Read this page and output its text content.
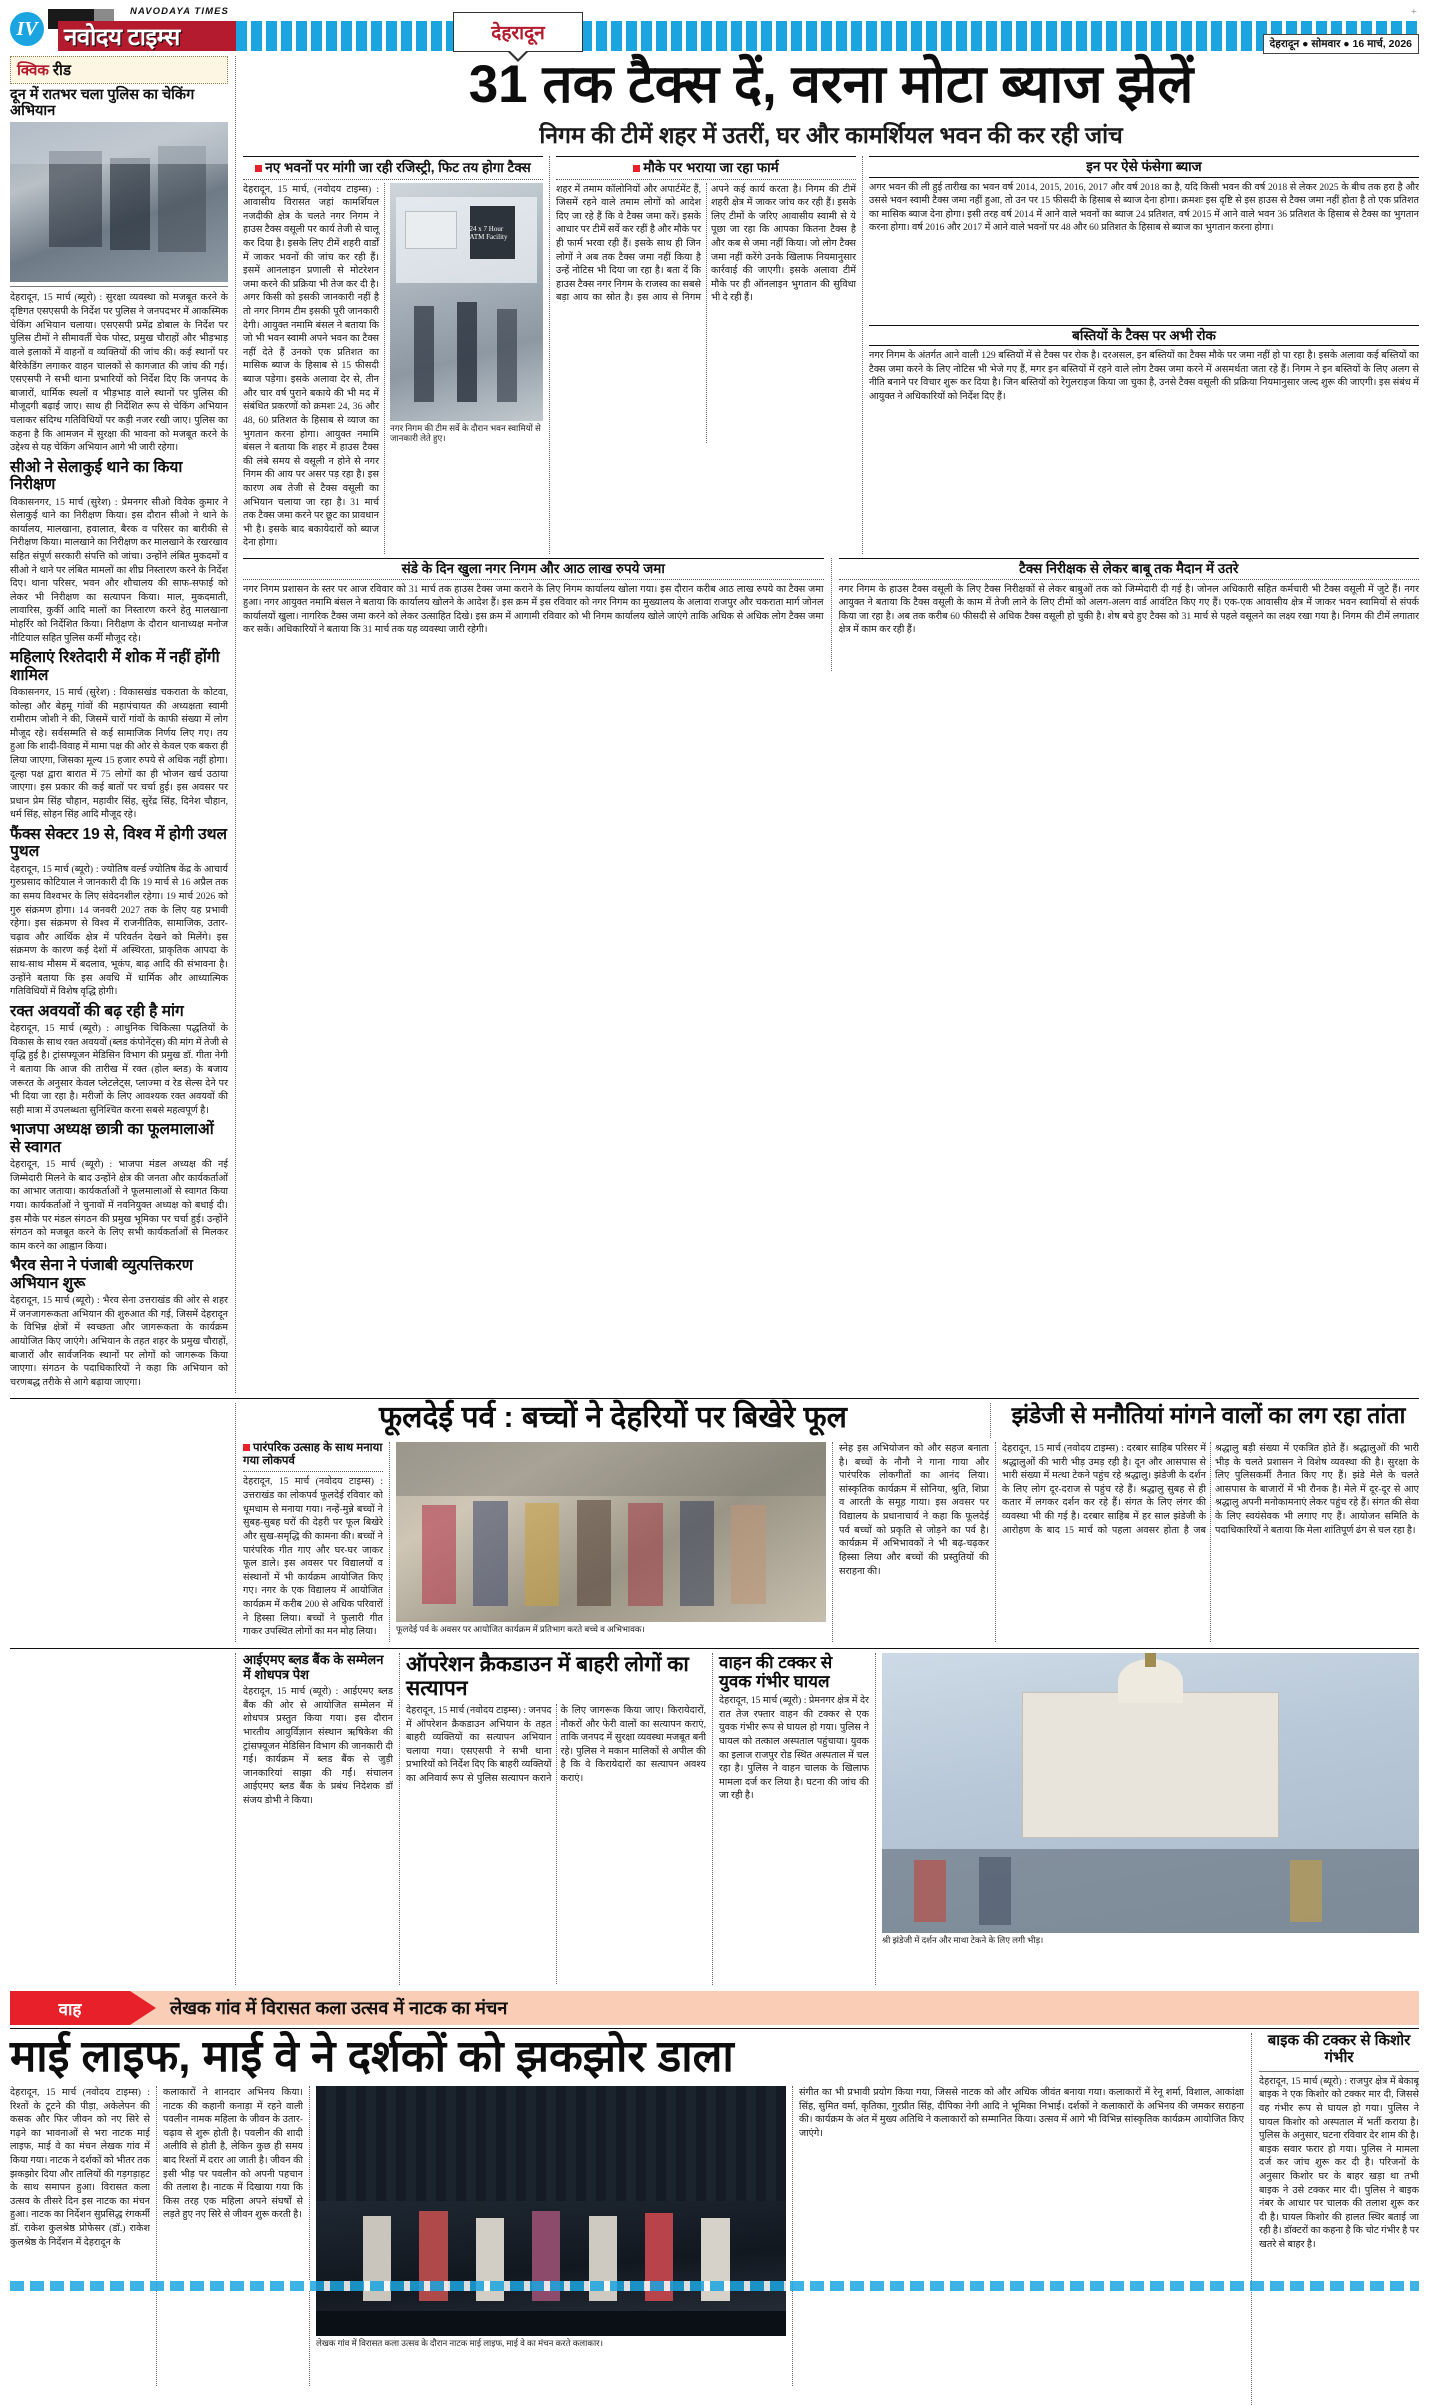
IV नवोदय टाइम्स
NAVODAYA TIMES
देहरादून	देहरादून ● सोमवार ● 16 मार्च, 2026
+
क्विक रीड
दून में रातभर चला पुलिस का चेकिंग अभियान

देहरादून, 15 मार्च (ब्यूरो) : सुरक्षा व्यवस्था को मजबूत करने के दृष्टिगत एसएसपी के निर्देश पर पुलिस ने जनपदभर में आकस्मिक चेकिंग अभियान चलाया। एसएसपी प्रमेंद्र डोबाल के निर्देश पर पुलिस टीमों ने सीमावर्ती चेक पोस्ट, प्रमुख चौराहों और भीड़भाड़ वाले इलाकों में वाहनों व व्यक्तियों की जांच की। कई स्थानों पर बैरिकेडिंग लगाकर वाहन चालकों से कागजात की जांच की गई। एसएसपी ने सभी थाना प्रभारियों को निर्देश दिए कि जनपद के बाजारों, धार्मिक स्थलों व भीड़भाड़ वाले स्थानों पर पुलिस की मौजूदगी बढ़ाई जाए। साथ ही निर्देशित रूप से चेकिंग अभियान चलाकर संदिग्ध गतिविधियों पर कड़ी नजर रखी जाए। पुलिस का कहना है कि आमजन में सुरक्षा की भावना को मजबूत करने के उद्देश्य से यह चेकिंग अभियान आगे भी जारी रहेगा।

सीओ ने सेलाकुई थाने का किया निरीक्षण

विकासनगर, 15 मार्च (सुरेश) : प्रेमनगर सीओ विवेक कुमार ने सेलाकुई थाने का निरीक्षण किया। इस दौरान सीओ ने थाने के कार्यालय, मालखाना, हवालात, बैरक व परिसर का बारीकी से निरीक्षण किया। मालखाने का निरीक्षण कर मालखाने के रखरखाव सहित संपूर्ण सरकारी संपत्ति को जांचा। उन्होंने लंबित मुकदमों व सीओ ने थाने पर लंबित मामलों का शीघ्र निस्तारण करने के निर्देश दिए। थाना परिसर, भवन और शौचालय की साफ-सफाई को लेकर भी निरीक्षण का सत्यापन किया। माल, मुकदमाती, लावारिस, कुर्की आदि मालों का निस्तारण करने हेतु मालखाना मोहर्रिर को निर्देशित किया। निरीक्षण के दौरान थानाध्यक्ष मनोज नौटियाल सहित पुलिस कर्मी मौजूद रहे।

महिलाएं रिश्तेदारी में शोक में नहीं होंगी शामिल

विकासनगर, 15 मार्च (सुरेश) : विकासखंड चकराता के कोटवा, कोल्हा और बेहमू गांवों की महापंचायत की अध्यक्षता स्वामी रामीराम जोशी ने की, जिसमें चारों गांवों के काफी संख्या में लोग मौजूद रहे। सर्वसम्मति से कई सामाजिक निर्णय लिए गए। तय हुआ कि शादी-विवाह में मामा पक्ष की ओर से केवल एक बकरा ही लिया जाएगा, जिसका मूल्य 15 हजार रुपये से अधिक नहीं होगा। दूल्हा पक्ष द्वारा बारात में 75 लोगों का ही भोजन खर्च उठाया जाएगा। इस प्रकार की कई बातों पर चर्चा हुई। इस अवसर पर प्रधान प्रेम सिंह चौहान, महावीर सिंह, सुरेंद्र सिंह, दिनेश चौहान, धर्म सिंह, सोहन सिंह आदि मौजूद रहे।

फैंक्स सेक्टर 19 से, विश्व में होगी उथल पुथल

देहरादून, 15 मार्च (ब्यूरो) : ज्योतिष वर्ल्ड ज्योतिष केंद्र के आचार्य गुरुप्रसाद कोटियाल ने जानकारी दी कि 19 मार्च से 16 अप्रैल तक का समय विश्वभर के लिए संवेदनशील रहेगा। 19 मार्च 2026 को गुरु संक्रमण होगा। 14 जनवरी 2027 तक के लिए यह प्रभावी रहेगा। इस संक्रमण से विश्व में राजनीतिक, सामाजिक, उतार-चढ़ाव और आर्थिक क्षेत्र में परिवर्तन देखने को मिलेंगे। इस संक्रमण के कारण कई देशों में अस्थिरता, प्राकृतिक आपदा के साथ-साथ मौसम में बदलाव, भूकंप, बाढ़ आदि की संभावना है। उन्होंने बताया कि इस अवधि में धार्मिक और आध्यात्मिक गतिविधियों में विशेष वृद्धि होगी।

रक्त अवयवों की बढ़ रही है मांग

देहरादून, 15 मार्च (ब्यूरो) : आधुनिक चिकित्सा पद्धतियों के विकास के साथ रक्त अवयवों (ब्लड कंपोनेंट्स) की मांग में तेजी से वृद्धि हुई है। ट्रांसफ्यूजन मेडिसिन विभाग की प्रमुख डॉ. गीता नेगी ने बताया कि आज की तारीख में रक्त (होल ब्लड) के बजाय जरूरत के अनुसार केवल प्लेटलेट्स, प्लाज्मा व रेड सेल्स देने पर भी दिया जा रहा है। मरीजों के लिए आवश्यक रक्त अवयवों की सही मात्रा में उपलब्धता सुनिश्चित करना सबसे महत्वपूर्ण है।

भाजपा अध्यक्ष छात्री का फूलमालाओं से स्वागत

देहरादून, 15 मार्च (ब्यूरो) : भाजपा मंडल अध्यक्ष की नई जिम्मेदारी मिलने के बाद उन्होंने क्षेत्र की जनता और कार्यकर्ताओं का आभार जताया। कार्यकर्ताओं ने फूलमालाओं से स्वागत किया गया। कार्यकर्ताओं ने चुनावों में नवनियुक्त अध्यक्ष को बधाई दी। इस मौके पर मंडल संगठन की प्रमुख भूमिका पर चर्चा हुई। उन्होंने संगठन को मजबूत करने के लिए सभी कार्यकर्ताओं से मिलकर काम करने का आह्वान किया।

भैरव सेना ने पंजाबी व्युत्पत्तिकरण अभियान शुरू

देहरादून, 15 मार्च (ब्यूरो) : भैरव सेना उत्तराखंड की ओर से शहर में जनजागरूकता अभियान की शुरुआत की गई, जिसमें देहरादून के विभिन्न क्षेत्रों में स्वच्छता और जागरूकता के कार्यक्रम आयोजित किए जाएंगे। अभियान के तहत शहर के प्रमुख चौराहों, बाजारों और सार्वजनिक स्थानों पर लोगों को जागरूक किया जाएगा। संगठन के पदाधिकारियों ने कहा कि अभियान को चरणबद्ध तरीके से आगे बढ़ाया जाएगा।

31 तक टैक्स दें, वरना मोटा ब्याज झेलें
निगम की टीमें शहर में उतरीं, घर और कामर्शियल भवन की कर रही जांच
नए भवनों पर मांगी जा रही रजिस्ट्री, फिट तय होगा टैक्स

देहरादून, 15 मार्च, (नवोदय टाइम्स) : आवासीय विरासत जहां कामर्शियल नजदीकी क्षेत्र के चलते नगर निगम ने हाउस टैक्स वसूली पर कार्य तेजी से चालू कर दिया है। इसके लिए टीमें शहरी वार्डों में जाकर भवनों की जांच कर रही हैं। इसमें आनलाइन प्रणाली से मोटरेशन जमा करने की प्रक्रिया भी तेज कर दी है। अगर किसी को इसकी जानकारी नहीं है तो नगर निगम टीम इसकी पूरी जानकारी देगी। आयुक्त नमामि बंसल ने बताया कि जो भी भवन स्वामी अपने भवन का टैक्स नहीं देते हैं उनको एक प्रतिशत का मासिक ब्याज के हिसाब से 15 फीसदी ब्याज पड़ेगा। इसके अलावा देर से, तीन और चार वर्ष पुराने बकाये की भी मद में संबंधित प्रकरणों को क्रमशः 24, 36 और 48, 60 प्रतिशत के हिसाब से व्याज का भुगतान करना होगा। आयुक्त नमामि बंसल ने बताया कि शहर में हाउस टैक्स की लंबे समय से वसूली न होने से नगर निगम की आय पर असर पड़ रहा है। इस कारण अब तेजी से टैक्स वसूली का अभियान चलाया जा रहा है। 31 मार्च तक टैक्स जमा करने पर छूट का प्रावधान भी है। इसके बाद बकायेदारों को ब्याज देना होगा।

24 x 7 Hour ATM Facility
नगर निगम की टीम सर्वे के दौरान भवन स्वामियों से जानकारी लेते हुए।
मौके पर भराया जा रहा फार्म
शहर में तमाम कॉलोनियों और अपार्टमेंट हैं, जिसमें रहने वाले तमाम लोगों को आदेश दिए जा रहे हैं कि वे टैक्स जमा करें। इसके आधार पर टीमें सर्वे कर रहीं है और मौके पर ही फार्म भरवा रही हैं। इसके साथ ही जिन लोगों ने अब तक टैक्स जमा नहीं किया है उन्हें नोटिस भी दिया जा रहा है। बता दें कि हाउस टैक्स नगर निगम के राजस्व का सबसे बड़ा आय का स्रोत है। इस आय से निगम अपने कई कार्य करता है। निगम की टीमें शहरी क्षेत्र में जाकर जांच कर रही हैं। इसके लिए टीमों के जरिए आवासीय स्वामी से ये पूछा जा रहा कि आपका कितना टैक्स है और कब से जमा नहीं किया। जो लोग टैक्स जमा नहीं करेंगे उनके खिलाफ नियमानुसार कार्रवाई की जाएगी। इसके अलावा टीमें मौके पर ही ऑनलाइन भुगतान की सुविधा भी दे रही हैं।
इन पर ऐसे फंसेगा ब्याज
अगर भवन की ली हुई तारीख का भवन वर्ष 2014, 2015, 2016, 2017 और वर्ष 2018 का है, यदि किसी भवन की वर्ष 2018 से लेकर 2025 के बीच तक हरा है और उससे भवन स्वामी टैक्स जमा नहीं हुआ, तो उन पर 15 फीसदी के हिसाब से ब्याज देना होगा। क्रमशः इस दृष्टि से इस हाउस से टैक्स जमा नहीं होता है तो एक प्रतिशत का मासिक ब्याज देना होगा। इसी तरह वर्ष 2014 में आने वाले भवनों का ब्याज 24 प्रतिशत, वर्ष 2015 में आने वाले भवन 36 प्रतिशत के हिसाब से टैक्स का भुगतान करना होगा। वर्ष 2016 और 2017 में आने वाले भवनों पर 48 और 60 प्रतिशत के हिसाब से ब्याज का भुगतान करना होगा।
बस्तियों के टैक्स पर अभी रोक
नगर निगम के अंतर्गत आने वाली 129 बस्तियों में से टैक्स पर रोक है। दरअसल, इन बस्तियों का टैक्स मौके पर जमा नहीं हो पा रहा है। इसके अलावा कई बस्तियों का टैक्स जमा करने के लिए नोटिस भी भेजे गए हैं, मगर इन बस्तियों में रहने वाले लोग टैक्स जमा करने में असमर्थता जता रहे हैं। निगम ने इन बस्तियों के लिए अलग से नीति बनाने पर विचार शुरू कर दिया है। जिन बस्तियों को रेगुलराइज किया जा चुका है, उनसे टैक्स वसूली की प्रक्रिया नियमानुसार जल्द शुरू की जाएगी। इस संबंध में आयुक्त ने अधिकारियों को निर्देश दिए हैं।
संडे के दिन खुला नगर निगम और आठ लाख रुपये जमा
नगर निगम प्रशासन के स्तर पर आज रविवार को 31 मार्च तक हाउस टैक्स जमा कराने के लिए निगम कार्यालय खोला गया। इस दौरान करीब आठ लाख रुपये का टैक्स जमा हुआ। नगर आयुक्त नमामि बंसल ने बताया कि कार्यालय खोलने के आदेश हैं। इस क्रम में इस रविवार को नगर निगम का मुख्यालय के अलावा राजपुर और चकराता मार्ग जोनल कार्यालयों खुला। नागरिक टैक्स जमा करने को लेकर उत्साहित दिखे। इस क्रम में आगामी रविवार को भी निगम कार्यालय खोले जाएंगे ताकि अधिक से अधिक लोग टैक्स जमा कर सकें। अधिकारियों ने बताया कि 31 मार्च तक यह व्यवस्था जारी रहेगी।
टैक्स निरीक्षक से लेकर बाबू तक मैदान में उतरे
नगर निगम के हाउस टैक्स वसूली के लिए टैक्स निरीक्षकों से लेकर बाबुओं तक को जिम्मेदारी दी गई है। जोनल अधिकारी सहित कर्मचारी भी टैक्स वसूली में जुटे हैं। नगर आयुक्त ने बताया कि टैक्स वसूली के काम में तेजी लाने के लिए टीमों को अलग-अलग वार्ड आवंटित किए गए हैं। एक-एक आवासीय क्षेत्र में जाकर भवन स्वामियों से संपर्क किया जा रहा है। अब तक करीब 60 फीसदी से अधिक टैक्स वसूली हो चुकी है। शेष बचे हुए टैक्स को 31 मार्च से पहले वसूलने का लक्ष्य रखा गया है। निगम की टीमें लगातार क्षेत्र में काम कर रही हैं।
फूलदेई पर्व : बच्चों ने देहरियों पर बिखेरे फूल	झंडेजी से मनौतियां मांगने वालों का लग रहा तांता
पारंपरिक उत्साह के साथ मनाया गया लोकपर्व

देहरादून, 15 मार्च (नवोदय टाइम्स) : उत्तराखंड का लोकपर्व फूलदेई रविवार को धूमधाम से मनाया गया। नन्हें-मुन्ने बच्चों ने सुबह-सुबह घरों की देहरी पर फूल बिखेरे और सुख-समृद्धि की कामना की। बच्चों ने पारंपरिक गीत गाए और घर-घर जाकर फूल डाले। इस अवसर पर विद्यालयों व संस्थानों में भी कार्यक्रम आयोजित किए गए। नगर के एक विद्यालय में आयोजित कार्यक्रम में करीब 200 से अधिक परिवारों ने हिस्सा लिया। बच्चों ने फुलारी गीत गाकर उपस्थित लोगों का मन मोह लिया।	फूलदेई पर्व के अवसर पर आयोजित कार्यक्रम में प्रतिभाग करते बच्चे व अभिभावक।
स्नेह इस अभियोजन को और सहज बनाता है। बच्चों के नौनौ ने गाना गाया और पारंपरिक लोकगीतों का आनंद लिया। सांस्कृतिक कार्यक्रम में सोनिया, श्रुति, शिप्रा व आरती के समूह गाया। इस अवसर पर विद्यालय के प्रधानाचार्य ने कहा कि फूलदेई पर्व बच्चों को प्रकृति से जोड़ने का पर्व है। कार्यक्रम में अभिभावकों ने भी बढ़-चढ़कर हिस्सा लिया और बच्चों की प्रस्तुतियों की सराहना की।

देहरादून, 15 मार्च (नवोदय टाइम्स) : दरबार साहिब परिसर में श्रद्धालुओं की भारी भीड़ उमड़ रही है। दून और आसपास से भारी संख्या में मत्था टेकने पहुंच रहे श्रद्धालु। झंडेजी के दर्शन के लिए लोग दूर-दराज से पहुंच रहे हैं। श्रद्धालु सुबह से ही कतार में लगकर दर्शन कर रहे हैं। संगत के लिए लंगर की व्यवस्था भी की गई है। दरबार साहिब में हर साल झंडेजी के आरोहण के बाद 15 मार्च को पहला अवसर होता है जब श्रद्धालु बड़ी संख्या में एकत्रित होते हैं। श्रद्धालुओं की भारी भीड़ के चलते प्रशासन ने विशेष व्यवस्था की है। सुरक्षा के लिए पुलिसकर्मी तैनात किए गए हैं। झंडे मेले के चलते आसपास के बाजारों में भी रौनक है। मेले में दूर-दूर से आए श्रद्धालु अपनी मनोकामनाएं लेकर पहुंच रहे हैं। संगत की सेवा के लिए स्वयंसेवक भी लगाए गए हैं। आयोजन समिति के पदाधिकारियों ने बताया कि मेला शांतिपूर्ण ढंग से चल रहा है।

आईएमए ब्लड बैंक के सम्मेलन में शोधपत्र पेश

देहरादून, 15 मार्च (ब्यूरो) : आईएमए ब्लड बैंक की ओर से आयोजित सम्मेलन में शोधपत्र प्रस्तुत किया गया। इस दौरान भारतीय आयुर्विज्ञान संस्थान ऋषिकेश की ट्रांसफ्यूजन मेडिसिन विभाग की जानकारी दी गई। कार्यक्रम में ब्लड बैंक से जुड़ी जानकारियां साझा की गईं। संचालन आईएमए ब्लड बैंक के प्रबंध निदेशक डॉ संजय डोभी ने किया।

ऑपरेशन क्रैकडाउन में बाहरी लोगों का सत्यापन

देहरादून, 15 मार्च (नवोदय टाइम्स) : जनपद में ऑपरेशन क्रैकडाउन अभियान के तहत बाहरी व्यक्तियों का सत्यापन अभियान चलाया गया। एसएसपी ने सभी थाना प्रभारियों को निर्देश दिए कि बाहरी व्यक्तियों का अनिवार्य रूप से पुलिस सत्यापन कराने के लिए जागरूक किया जाए। किरायेदारों, नौकरों और फेरी वालों का सत्यापन कराएं, ताकि जनपद में सुरक्षा व्यवस्था मजबूत बनी रहे। पुलिस ने मकान मालिकों से अपील की है कि वे किरायेदारों का सत्यापन अवश्य कराएं।

वाहन की टक्कर से युवक गंभीर घायल

देहरादून, 15 मार्च (ब्यूरो) : प्रेमनगर क्षेत्र में देर रात तेज रफ्तार वाहन की टक्कर से एक युवक गंभीर रूप से घायल हो गया। पुलिस ने घायल को तत्काल अस्पताल पहुंचाया। युवक का इलाज राजपुर रोड स्थित अस्पताल में चल रहा है। पुलिस ने वाहन चालक के खिलाफ मामला दर्ज कर लिया है। घटना की जांच की जा रही है।

श्री झंडेजी में दर्शन और माथा टेकने के लिए लगी भीड़।
वाह	लेखक गांव में विरासत कला उत्सव में नाटक का मंचन
माई लाइफ, माई वे ने दर्शकों को झकझोर डाला

देहरादून, 15 मार्च (नवोदय टाइम्स) : रिश्तों के टूटने की पीड़ा, अकेलेपन की कसक और फिर जीवन को नए सिरे से गढ़ने का भावनाओं से भरा नाटक माई लाइफ, माई वे का मंचन लेखक गांव में किया गया। नाटक ने दर्शकों को भीतर तक झकझोर दिया और तालियों की गड़गड़ाहट के साथ समापन हुआ। विरासत कला उत्सव के तीसरे दिन इस नाटक का मंचन हुआ। नाटक का निर्देशन सुप्रसिद्ध रंगकर्मी डॉ. राकेश कुलश्रेष्ठ प्रोफेसर (डॉ.) राकेश कुलश्रेष्ठ के निर्देशन में देहरादून के

कलाकारों ने शानदार अभिनय किया। नाटक की कहानी कनाड़ा में रहने वाली पवलीन नामक महिला के जीवन के उतार-चढ़ाव से शुरू होती है। पवलीन की शादी अलीवि से होती है, लेकिन कुछ ही समय बाद रिश्तों में दरार आ जाती है। जीवन की इसी भीड़ पर पवलीन को अपनी पहचान की तलाश है। नाटक में दिखाया गया कि किस तरह एक महिला अपने संघर्षों से लड़ते हुए नए सिरे से जीवन शुरू करती है।
लेखक गांव में विरासत कला उत्सव के दौरान नाटक माई लाइफ, माई वे का मंचन करते कलाकार।
संगीत का भी प्रभावी प्रयोग किया गया, जिससे नाटक को और अधिक जीवंत बनाया गया। कलाकारों में रेनू शर्मा, विशाल, आकांक्षा सिंह, सुमित वर्मा, कृतिका, गुरप्रीत सिंह, दीपिका नेगी आदि ने भूमिका निभाई। दर्शकों ने कलाकारों के अभिनय की जमकर सराहना की। कार्यक्रम के अंत में मुख्य अतिथि ने कलाकारों को सम्मानित किया। उत्सव में आगे भी विभिन्न सांस्कृतिक कार्यक्रम आयोजित किए जाएंगे।
बाइक की टक्कर से किशोर गंभीर

देहरादून, 15 मार्च (ब्यूरो) : राजपुर क्षेत्र में बेकाबू बाइक ने एक किशोर को टक्कर मार दी, जिससे वह गंभीर रूप से घायल हो गया। पुलिस ने घायल किशोर को अस्पताल में भर्ती कराया है। पुलिस के अनुसार, घटना रविवार देर शाम की है। बाइक सवार फरार हो गया। पुलिस ने मामला दर्ज कर जांच शुरू कर दी है। परिजनों के अनुसार किशोर घर के बाहर खड़ा था तभी बाइक ने उसे टक्कर मार दी। पुलिस ने बाइक नंबर के आधार पर चालक की तलाश शुरू कर दी है। घायल किशोर की हालत स्थिर बताई जा रही है। डॉक्टरों का कहना है कि चोट गंभीर है पर खतरे से बाहर है।
